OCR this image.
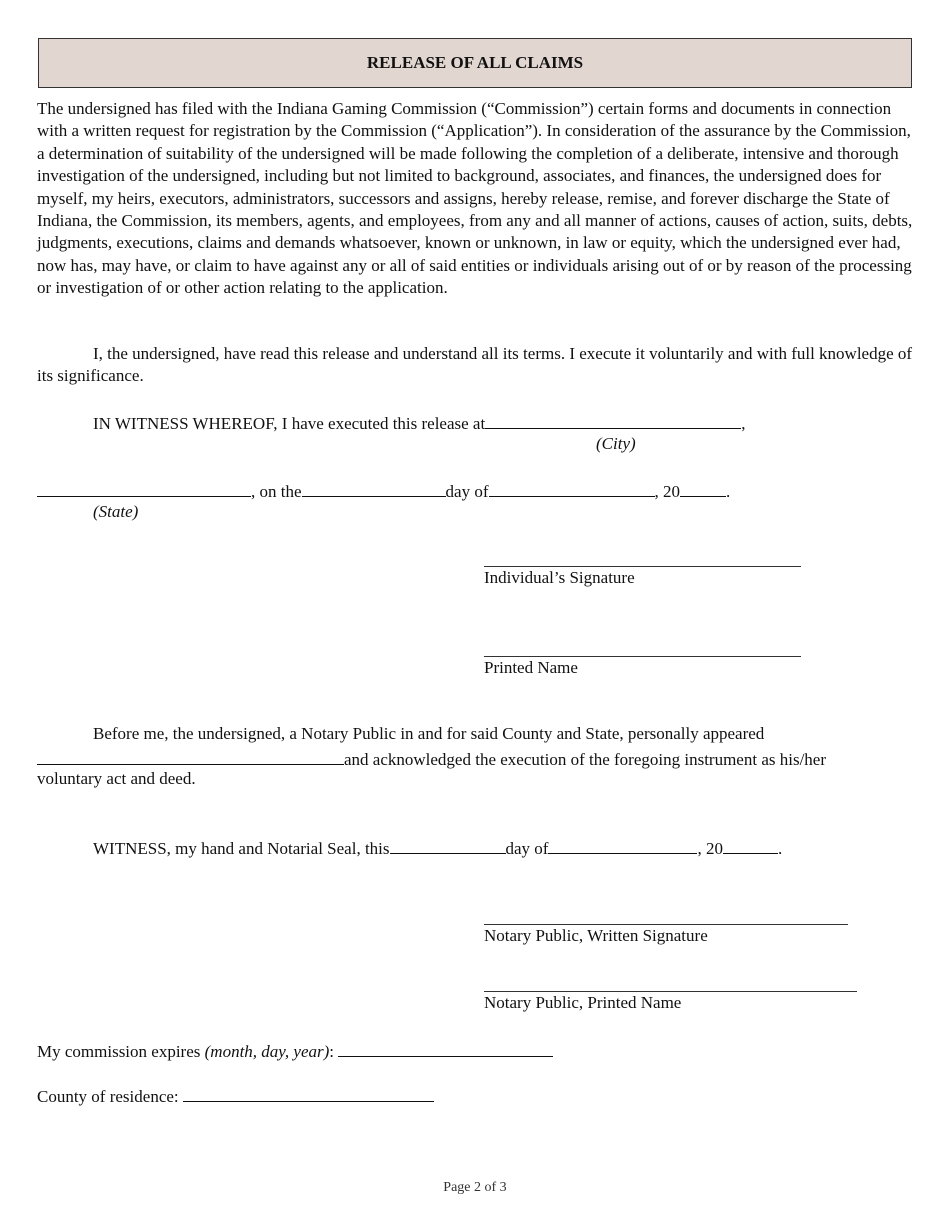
RELEASE OF ALL CLAIMS

The undersigned has filed with the Indiana Gaming Commission (“Commission”) certain forms and documents in connection with a written request for registration by the Commission (“Application”). In consideration of the assurance by the Commission, a determination of suitability of the undersigned will be made following the completion of a deliberate, intensive and thorough investigation of the undersigned, including but not limited to background, associates, and finances, the undersigned does for myself, my heirs, executors, administrators, successors and assigns, hereby release, remise, and forever discharge the State of Indiana, the Commission, its members, agents, and employees, from any and all manner of actions, causes of action, suits, debts, judgments, executions, claims and demands whatsoever, known or unknown, in law or equity, which the undersigned ever had, now has, may have, or claim to have against any or all of said entities or individuals arising out of or by reason of the processing or investigation of or other action relating to the application.

I, the undersigned, have read this release and understand all its terms. I execute it voluntarily and with full knowledge of its significance.

IN WITNESS WHEREOF, I have executed this release at	,
(City)
, on the	day of	, 20	.
(State)
Individual’s Signature
Printed Name
Before me, the undersigned, a Notary Public in and for said County and State, personally appeared
and acknowledged the execution of the foregoing instrument as his/her
voluntary act and deed.
WITNESS, my hand and Notarial Seal, this	day of	, 20	.
Notary Public, Written Signature
Notary Public, Printed Name
My commission expires (month, day, year):
County of residence:
Page 2 of 3
